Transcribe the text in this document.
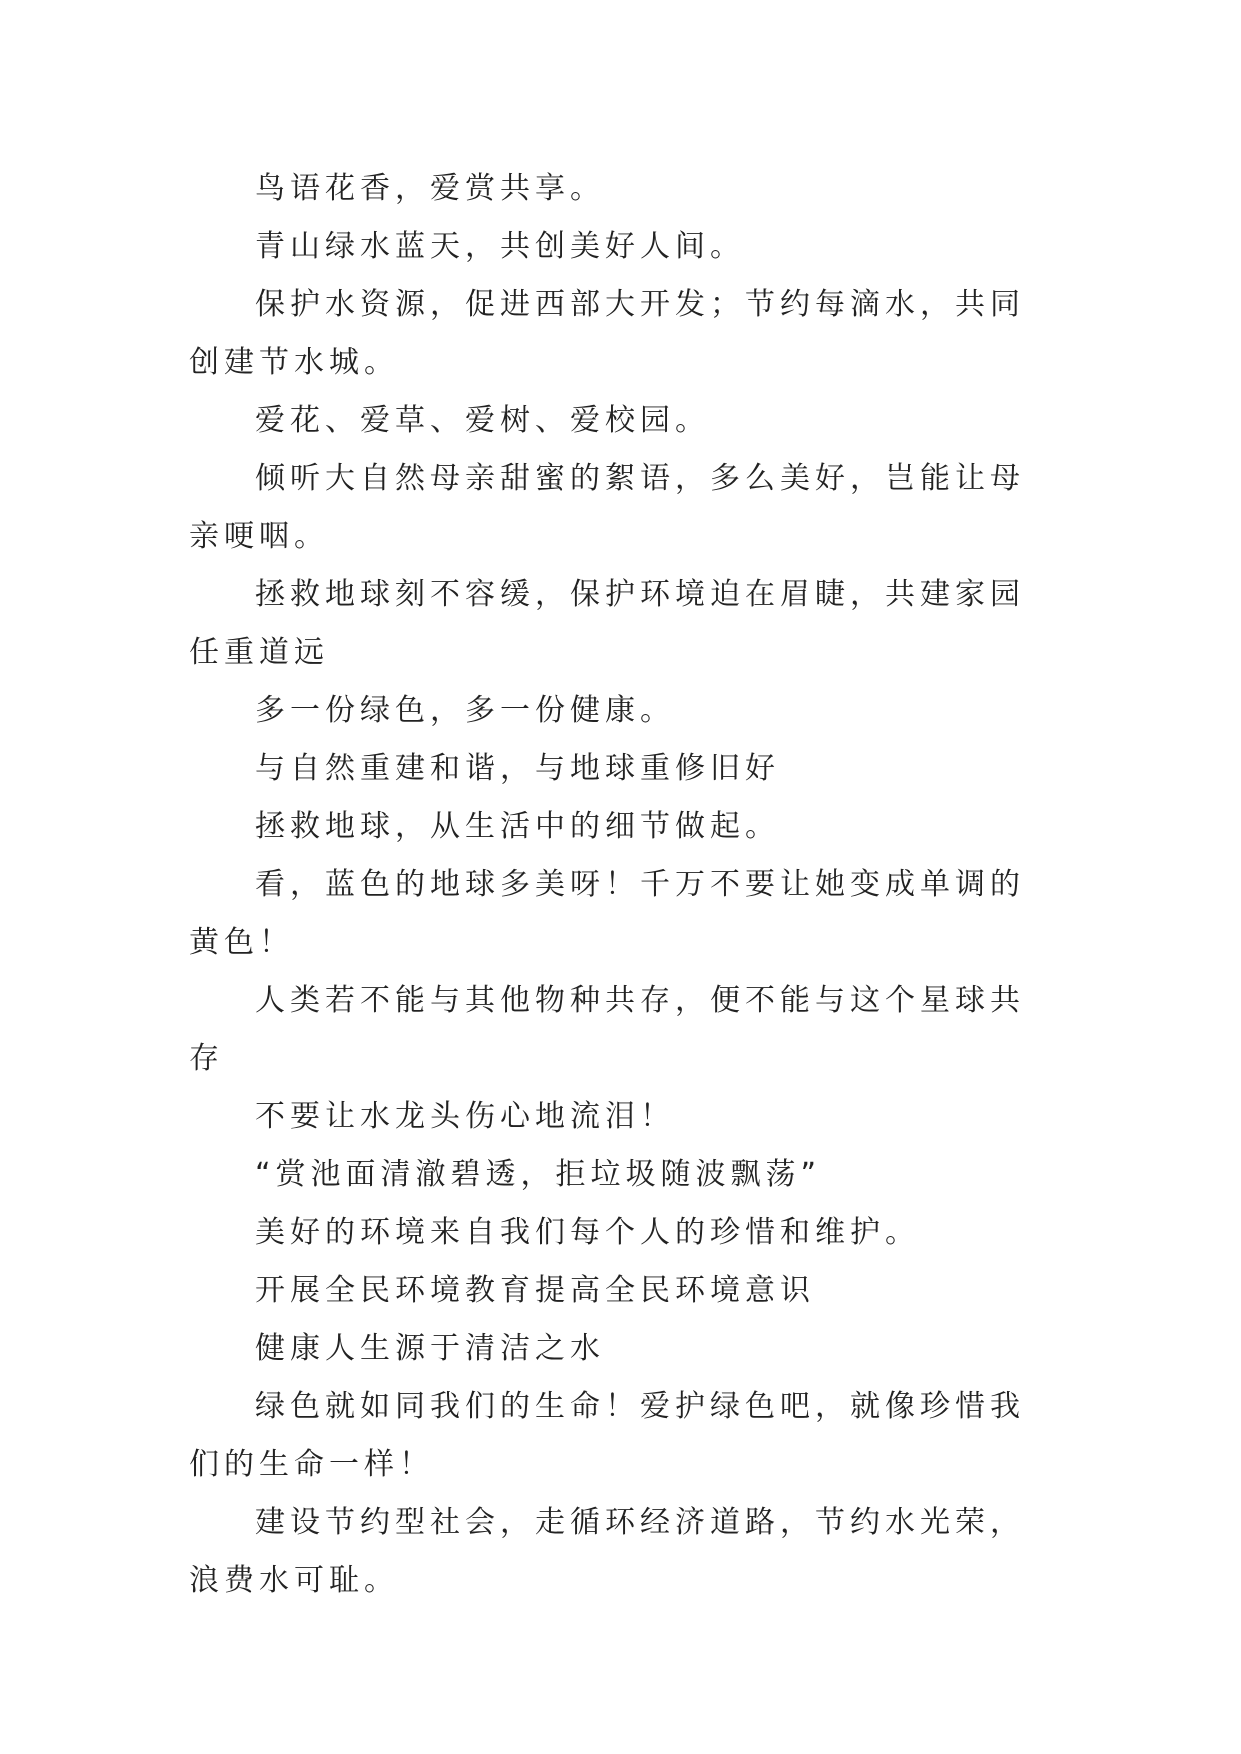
鸟语花香，爱赏共享。

青山绿水蓝天，共创美好人间。

保护水资源，促进西部大开发；节约每滴水，共同创建节水城。

爱花、爱草、爱树、爱校园。

倾听大自然母亲甜蜜的絮语，多么美好，岂能让母亲哽咽。

拯救地球刻不容缓，保护环境迫在眉睫，共建家园任重道远

多一份绿色，多一份健康。

与自然重建和谐，与地球重修旧好

拯救地球，从生活中的细节做起。

看，蓝色的地球多美呀！千万不要让她变成单调的黄色！

人类若不能与其他物种共存，便不能与这个星球共存

不要让水龙头伤心地流泪！

“赏池面清澈碧透，拒垃圾随波飘荡”

美好的环境来自我们每个人的珍惜和维护。

开展全民环境教育提高全民环境意识

健康人生源于清洁之水

绿色就如同我们的生命！爱护绿色吧，就像珍惜我们的生命一样！

建设节约型社会，走循环经济道路，节约水光荣，浪费水可耻。
